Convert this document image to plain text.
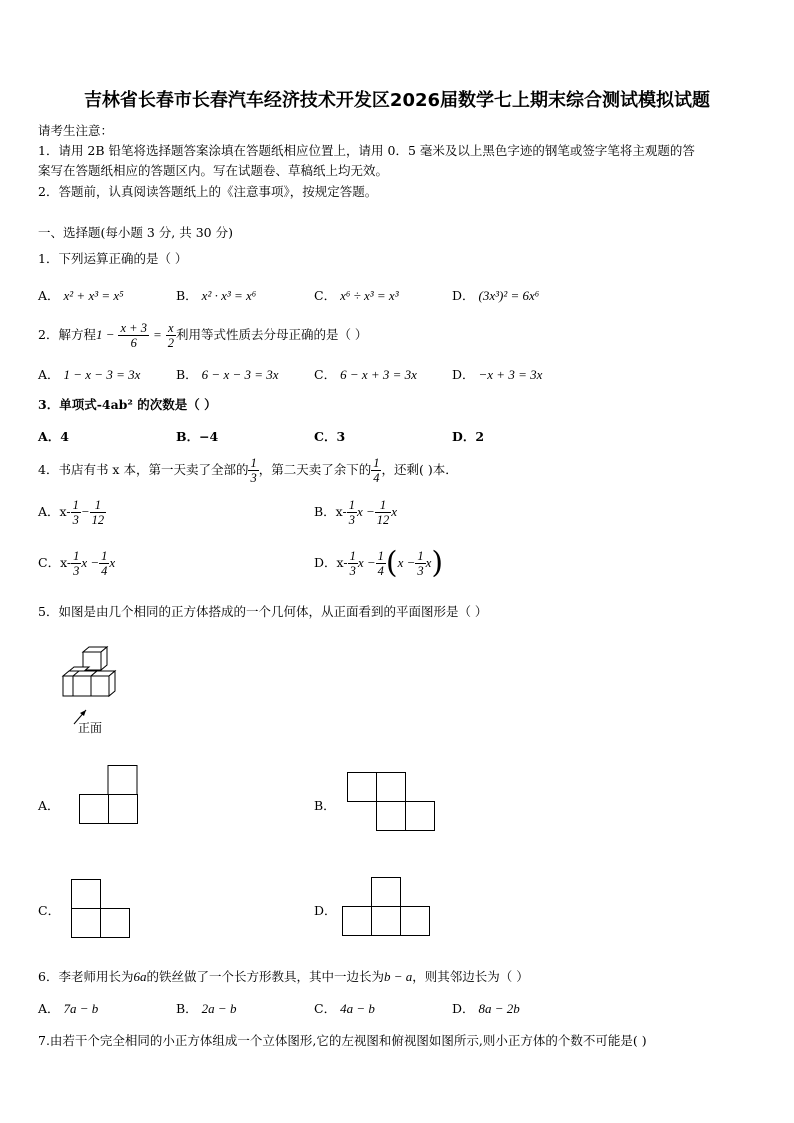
吉林省长春市长春汽车经济技术开发区2026届数学七上期末综合测试模拟试题
请考生注意：
1．请用 2B 铅笔将选择题答案涂填在答题纸相应位置上，请用 0．5 毫米及以上黑色字迹的钢笔或签字笔将主观题的答
案写在答题纸相应的答题区内。写在试题卷、草稿纸上均无效。
2．答题前，认真阅读答题纸上的《注意事项》，按规定答题。
一、选择题(每小题 3 分, 共 30 分)
1．下列运算正确的是（ ）
A． x² + x³ = x⁵	B． x² · x³ = x⁶	C． x⁶ ÷ x³ = x³	D． (3x³)² = 6x⁶
2．解方程$1 - \frac{x + 3}{6} = \frac{x}{2}$ 利用等式性质去分母正确的是（ ）
A． 1 − x − 3 = 3x	B． 6 − x − 3 = 3x	C． 6 − x + 3 = 3x	D． −x + 3 = 3x
3．单项式-4ab² 的次数是（ ）
A．4	B．−4	C．3	D．2
4．书店有书 x 本，第一天卖了全部的 $\frac{1}{3}$ ，第二天卖了余下的 $\frac{1}{4}$ ，还剩( )本．
A．$x- \frac{1}{3} - \frac{1}{12}$	B．$x- \frac{1}{3}$ $x - \frac{1}{12}$ x
C．$x- \frac{1}{3}$ $x - \frac{1}{4}$ x	D．$x- \frac{1}{3}$ $x - \frac{1}{4} (x - \frac{1}{3} x)$
5．如图是由几个相同的正方体搭成的一个几何体，从正面看到的平面图形是（ ）
正面
A．	B．
C．	D．
6．李老师用长为6a的铁丝做了一个长方形教具，其中一边长为b − a，则其邻边长为（ ）
A． 7a − b	B． 2a − b	C． 4a − b	D． 8a − 2b
7.由若干个完全相同的小正方体组成一个立体图形,它的左视图和俯视图如图所示,则小正方体的个数不可能是( )
